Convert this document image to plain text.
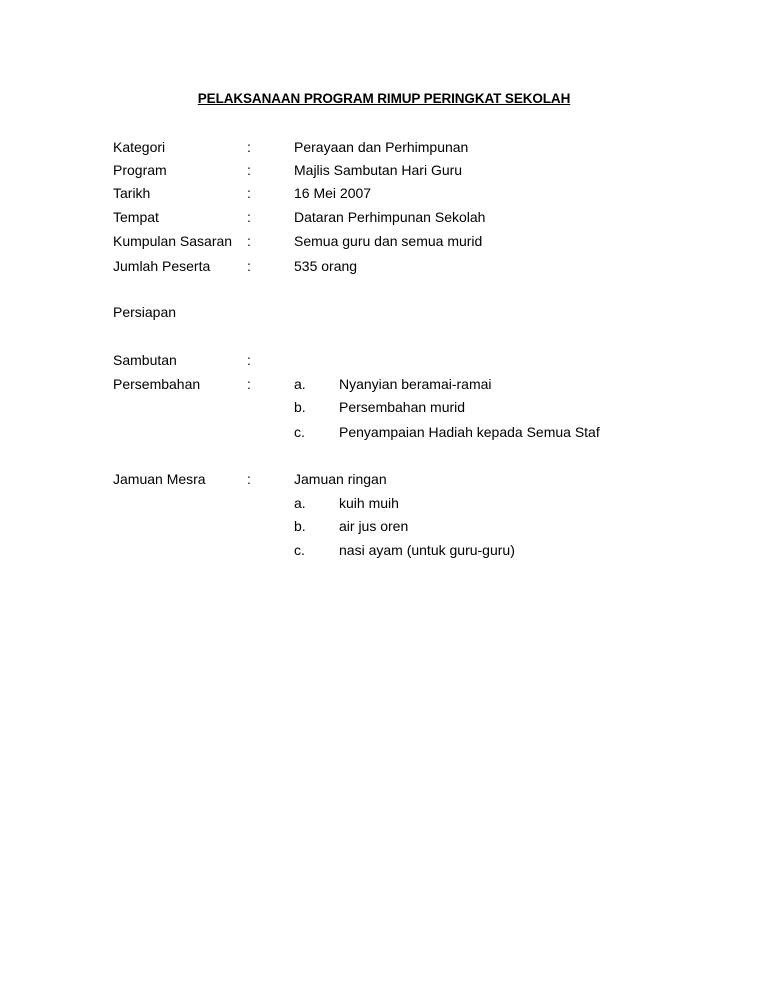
PELAKSANAAN PROGRAM RIMUP PERINGKAT SEKOLAH
Kategori	:	Perayaan dan Perhimpunan
Program	:	Majlis Sambutan Hari Guru
Tarikh	:	16 Mei 2007
Tempat	:	Dataran Perhimpunan Sekolah
Kumpulan Sasaran :	Semua guru dan semua murid
Jumlah Peserta	:	535 orang
Persiapan
Sambutan	:
Persembahan	:	a. Nyanyian beramai-ramai
b. Persembahan murid
c. Penyampaian Hadiah kepada Semua Staf
Jamuan Mesra	:	Jamuan ringan
a. kuih muih
b. air jus oren
c. nasi ayam (untuk guru-guru)
